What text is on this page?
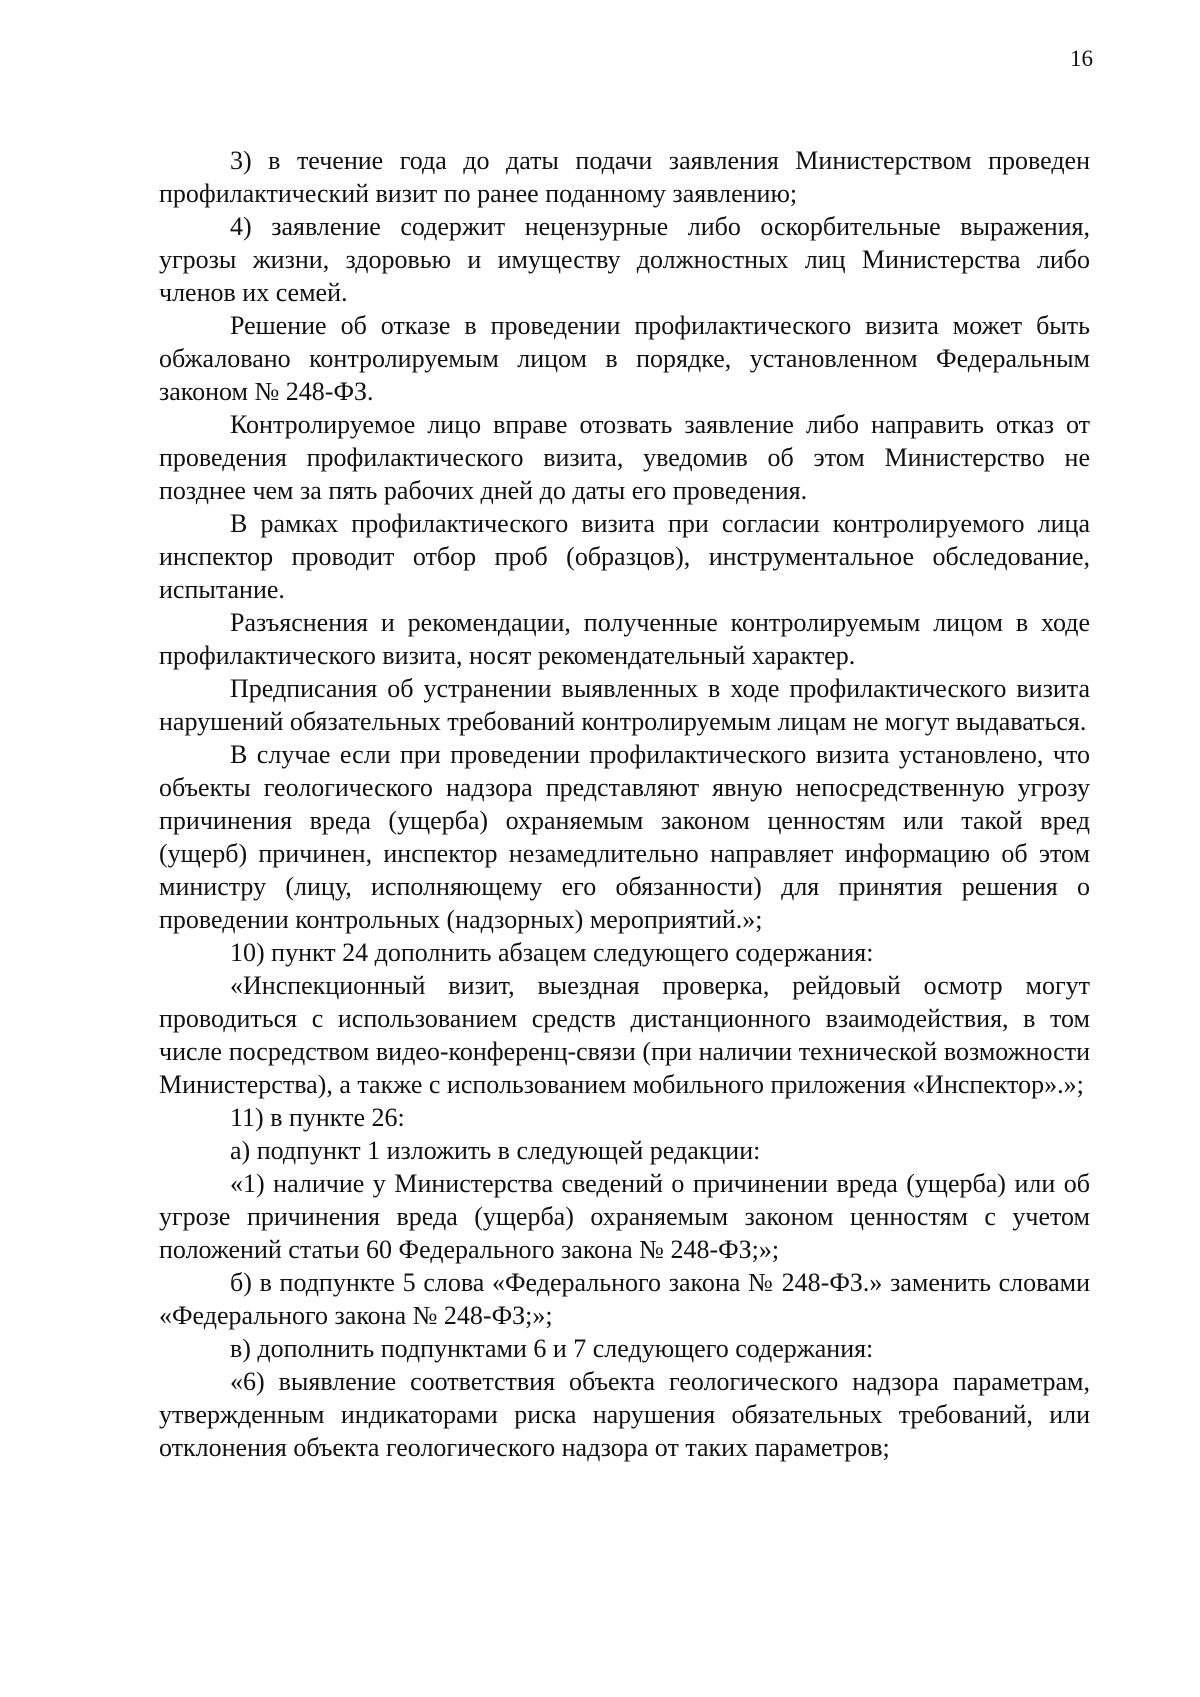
16

3) в течение года до даты подачи заявления Министерством проведен профилактический визит по ранее поданному заявлению;

4) заявление содержит нецензурные либо оскорбительные выражения, угрозы жизни, здоровью и имуществу должностных лиц Министерства либо членов их семей.

Решение об отказе в проведении профилактического визита может быть обжаловано контролируемым лицом в порядке, установленном Федеральным законом № 248-ФЗ.

Контролируемое лицо вправе отозвать заявление либо направить отказ от проведения профилактического визита, уведомив об этом Министерство не позднее чем за пять рабочих дней до даты его проведения.

В рамках профилактического визита при согласии контролируемого лица инспектор проводит отбор проб (образцов), инструментальное обследование, испытание.

Разъяснения и рекомендации, полученные контролируемым лицом в ходе профилактического визита, носят рекомендательный характер.

Предписания об устранении выявленных в ходе профилактического визита нарушений обязательных требований контролируемым лицам не могут выдаваться.

В случае если при проведении профилактического визита установлено, что объекты геологического надзора представляют явную непосредственную угрозу причинения вреда (ущерба) охраняемым законом ценностям или такой вред (ущерб) причинен, инспектор незамедлительно направляет информацию об этом министру (лицу, исполняющему его обязанности) для принятия решения о проведении контрольных (надзорных) мероприятий.»;

10) пункт 24 дополнить абзацем следующего содержания:

«Инспекционный визит, выездная проверка, рейдовый осмотр могут проводиться с использованием средств дистанционного взаимодействия, в том числе посредством видео-конференц-связи (при наличии технической возможности Министерства), а также с использованием мобильного приложения «Инспектор».»;

11) в пункте 26:

а) подпункт 1 изложить в следующей редакции:

«1) наличие у Министерства сведений о причинении вреда (ущерба) или об угрозе причинения вреда (ущерба) охраняемым законом ценностям с учетом положений статьи 60 Федерального закона № 248-ФЗ;»;

б) в подпункте 5 слова «Федерального закона № 248-ФЗ.» заменить словами «Федерального закона № 248-ФЗ;»;

в) дополнить подпунктами 6 и 7 следующего содержания:

«6) выявление соответствия объекта геологического надзора параметрам, утвержденным индикаторами риска нарушения обязательных требований, или отклонения объекта геологического надзора от таких параметров;
